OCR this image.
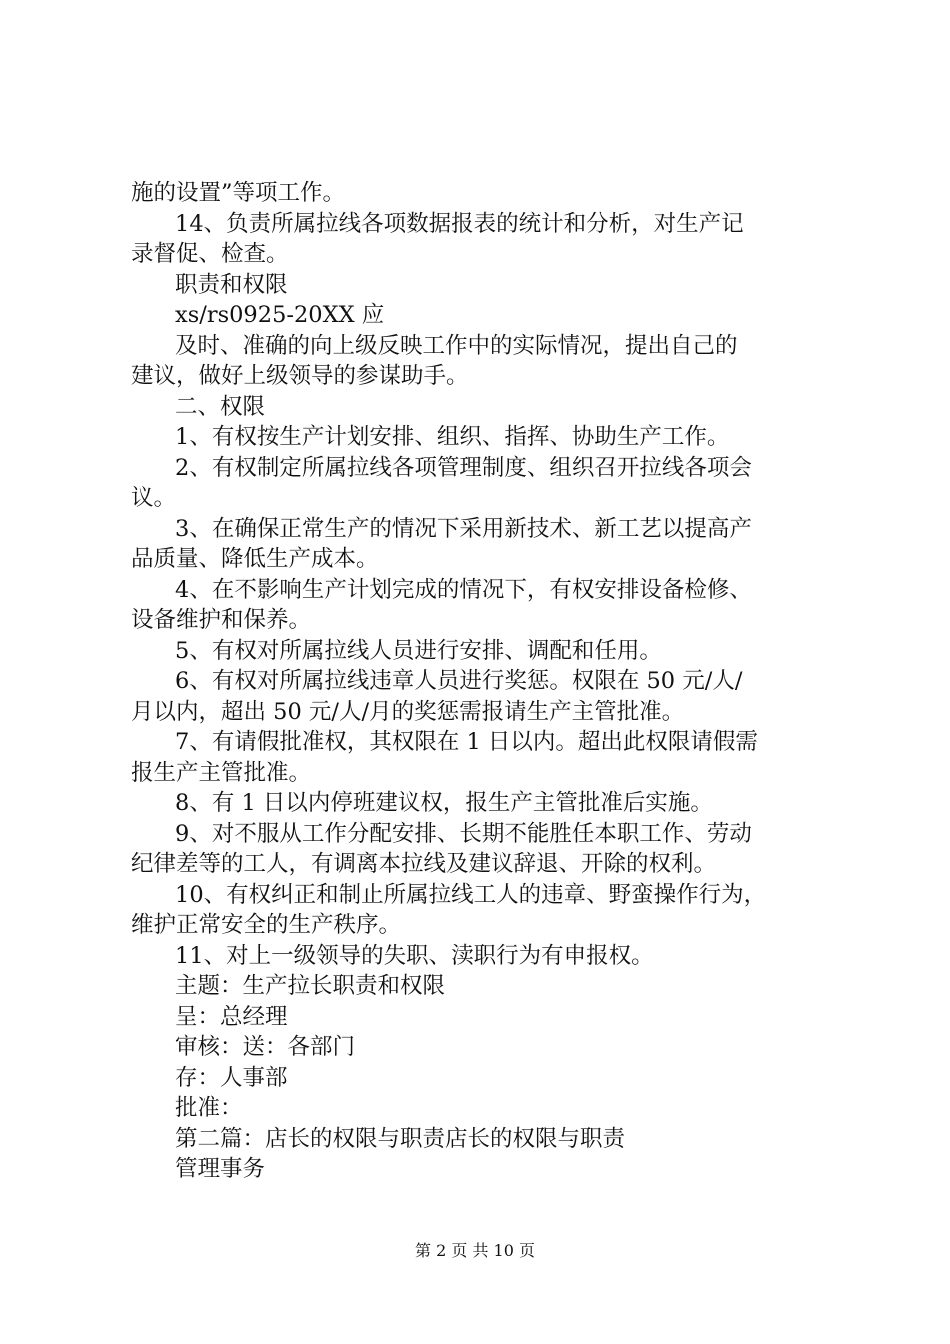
施的设置”等项工作。
14、负责所属拉线各项数据报表的统计和分析，对生产记
录督促、检查。
职责和权限
xs/rs0925-20XX 应
及时、准确的向上级反映工作中的实际情况，提出自己的
建议，做好上级领导的参谋助手。
二、权限
1、有权按生产计划安排、组织、指挥、协助生产工作。
2、有权制定所属拉线各项管理制度、组织召开拉线各项会
议。
3、在确保正常生产的情况下采用新技术、新工艺以提高产
品质量、降低生产成本。
4、在不影响生产计划完成的情况下，有权安排设备检修、
设备维护和保养。
5、有权对所属拉线人员进行安排、调配和任用。
6、有权对所属拉线违章人员进行奖惩。权限在 50 元/人/
月以内，超出 50 元/人/月的奖惩需报请生产主管批准。
7、有请假批准权，其权限在 1 日以内。超出此权限请假需
报生产主管批准。
8、有 1 日以内停班建议权，报生产主管批准后实施。
9、对不服从工作分配安排、长期不能胜任本职工作、劳动
纪律差等的工人，有调离本拉线及建议辞退、开除的权利。
10、有权纠正和制止所属拉线工人的违章、野蛮操作行为，
维护正常安全的生产秩序。
11、对上一级领导的失职、渎职行为有申报权。
主题：生产拉长职责和权限
呈：总经理
审核：送：各部门
存：人事部
批准：
第二篇：店长的权限与职责店长的权限与职责
管理事务
第 2 页 共 10 页
